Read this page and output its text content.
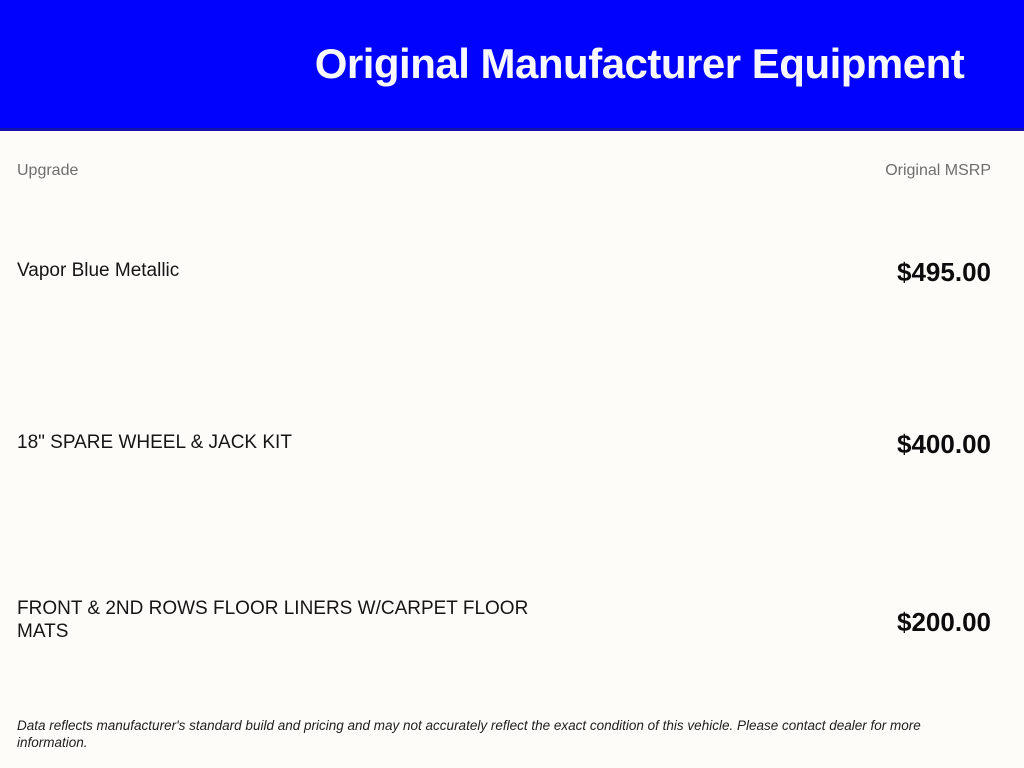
Original Manufacturer Equipment
Upgrade	Original MSRP
Vapor Blue Metallic	$495.00
18" SPARE WHEEL & JACK KIT	$400.00
FRONT & 2ND ROWS FLOOR LINERS W/CARPET FLOOR MATS	$200.00
Data reflects manufacturer's standard build and pricing and may not accurately reflect the exact condition of this vehicle. Please contact dealer for more information.
